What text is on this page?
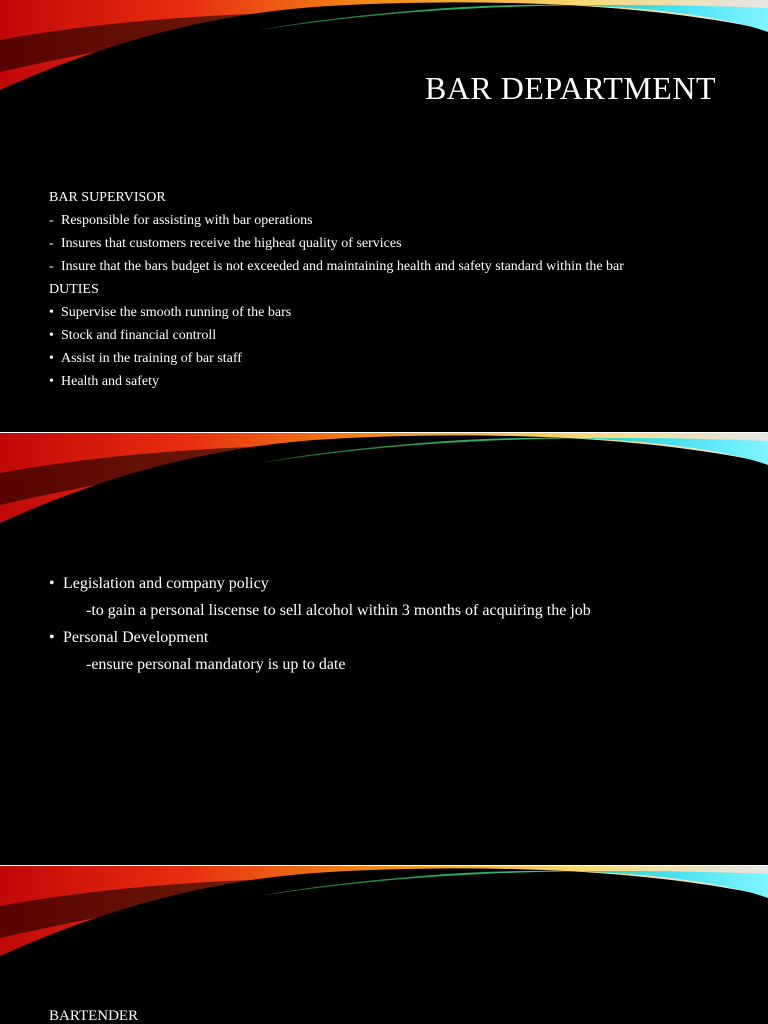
BAR DEPARTMENT
BAR SUPERVISOR
- Responsible for assisting with bar operations
- Insures that customers receive the higheat quality of services
- Insure that the bars budget is not exceeded and maintaining health and safety standard within the bar
DUTIES
• Supervise the smooth running of the bars
• Stock and financial controll
• Assist in the training of bar staff
• Health and safety
• Legislation and company policy
-to gain a personal liscense to sell alcohol within 3 months of acquiring the job
• Personal Development
-ensure personal mandatory is up to date
BARTENDER
